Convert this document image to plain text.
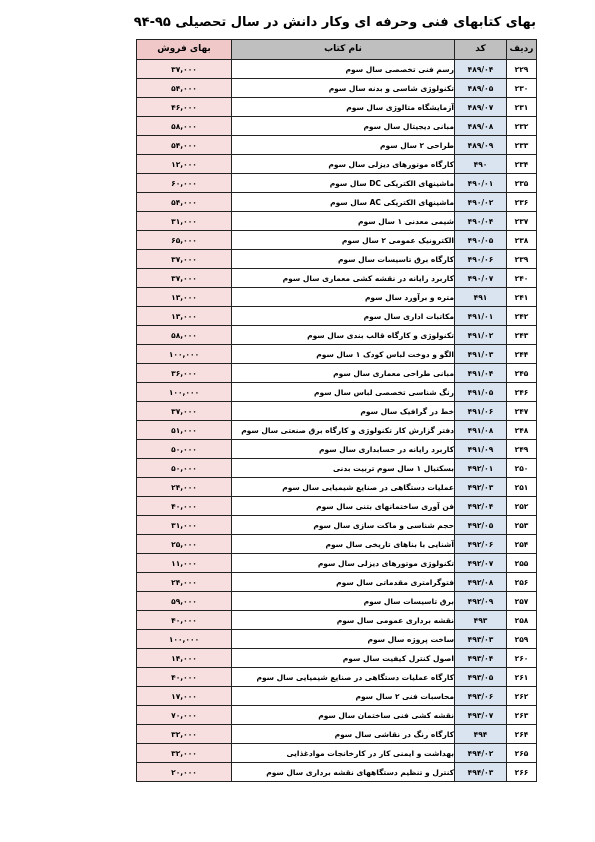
بهای کتابهای فنی وحرفه ای وکار دانش در سال تحصیلی ۹۵-۹۴
ردیف	کد	نام کتاب	بهای فروش
۲۲۹	۴۸۹/۰۴	رسم فنی تخصصی سال سوم	۳۷,۰۰۰
۲۳۰	۴۸۹/۰۵	تکنولوژی شاسی و بدنه سال سوم	۵۴,۰۰۰
۲۳۱	۴۸۹/۰۷	آزمایشگاه متالوژی سال سوم	۴۶,۰۰۰
۲۳۲	۴۸۹/۰۸	مبانی دیجیتال سال سوم	۵۸,۰۰۰
۲۳۳	۴۸۹/۰۹	طراحی ۲ سال سوم	۵۴,۰۰۰
۲۳۴	۴۹۰	کارگاه موتورهای دیزلی سال سوم	۱۲,۰۰۰
۲۳۵	۴۹۰/۰۱	ماشینهای الکتریکی DC سال سوم	۶۰,۰۰۰
۲۳۶	۴۹۰/۰۲	ماشینهای الکتریکی AC سال سوم	۵۴,۰۰۰
۲۳۷	۴۹۰/۰۴	شیمی معدنی ۱ سال سوم	۳۱,۰۰۰
۲۳۸	۴۹۰/۰۵	الکترونیک عمومی ۲ سال سوم	۶۵,۰۰۰
۲۳۹	۴۹۰/۰۶	کارگاه برق تاسیسات سال سوم	۳۷,۰۰۰
۲۴۰	۴۹۰/۰۷	کاربرد رایانه در نقشه کشی معماری سال سوم	۳۷,۰۰۰
۲۴۱	۴۹۱	متره و برآورد سال سوم	۱۳,۰۰۰
۲۴۲	۴۹۱/۰۱	مکاتبات اداری سال سوم	۱۳,۰۰۰
۲۴۳	۴۹۱/۰۲	تکنولوژی و کارگاه قالب بندی سال سوم	۵۸,۰۰۰
۲۴۴	۴۹۱/۰۳	الگو و دوخت لباس کودک ۱ سال سوم	۱۰۰,۰۰۰
۲۴۵	۴۹۱/۰۴	مبانی طراحی معماری سال سوم	۳۶,۰۰۰
۲۴۶	۴۹۱/۰۵	رنگ شناسی تخصصی لباس سال سوم	۱۰۰,۰۰۰
۲۴۷	۴۹۱/۰۶	خط در گرافیک سال سوم	۳۷,۰۰۰
۲۴۸	۴۹۱/۰۸	دفتر گزارش کار تکنولوژی و کارگاه برق صنعتی سال سوم	۵۱,۰۰۰
۲۴۹	۴۹۱/۰۹	کاربرد رایانه در حسابداری سال سوم	۵۰,۰۰۰
۲۵۰	۴۹۲/۰۱	بسکتبال ۱ سال سوم تربیت بدنی	۵۰,۰۰۰
۲۵۱	۴۹۲/۰۳	عملیات دستگاهی در صنایع شیمیایی سال سوم	۲۴,۰۰۰
۲۵۲	۴۹۲/۰۴	فن آوری ساختمانهای بتنی سال سوم	۴۰,۰۰۰
۲۵۳	۴۹۲/۰۵	حجم شناسی و ماکت سازی سال سوم	۳۱,۰۰۰
۲۵۴	۴۹۲/۰۶	آشنایی با بناهای تاریخی سال سوم	۲۵,۰۰۰
۲۵۵	۴۹۲/۰۷	تکنولوژی موتورهای دیزلی سال سوم	۱۱,۰۰۰
۲۵۶	۴۹۲/۰۸	فتوگرامتری مقدماتی سال سوم	۲۴,۰۰۰
۲۵۷	۴۹۲/۰۹	برق تاسیسات سال سوم	۵۹,۰۰۰
۲۵۸	۴۹۳	نقشه برداری عمومی سال سوم	۴۰,۰۰۰
۲۵۹	۴۹۳/۰۳	ساخت پروژه سال سوم	۱۰۰,۰۰۰
۲۶۰	۴۹۳/۰۴	اصول کنترل کیفیت سال سوم	۱۴,۰۰۰
۲۶۱	۴۹۳/۰۵	کارگاه عملیات دستگاهی در صنایع شیمیایی سال سوم	۴۰,۰۰۰
۲۶۲	۴۹۳/۰۶	محاسبات فنی ۲ سال سوم	۱۷,۰۰۰
۲۶۳	۴۹۳/۰۷	نقشه کشی فنی ساختمان سال سوم	۷۰,۰۰۰
۲۶۴	۴۹۴	کارگاه رنگ در نقاشی سال سوم	۳۲,۰۰۰
۲۶۵	۴۹۴/۰۲	بهداشت و ایمنی کار در کارخانجات موادغذایی	۳۲,۰۰۰
۲۶۶	۴۹۴/۰۳	کنترل و تنظیم دستگاههای نقشه برداری سال سوم	۲۰,۰۰۰
